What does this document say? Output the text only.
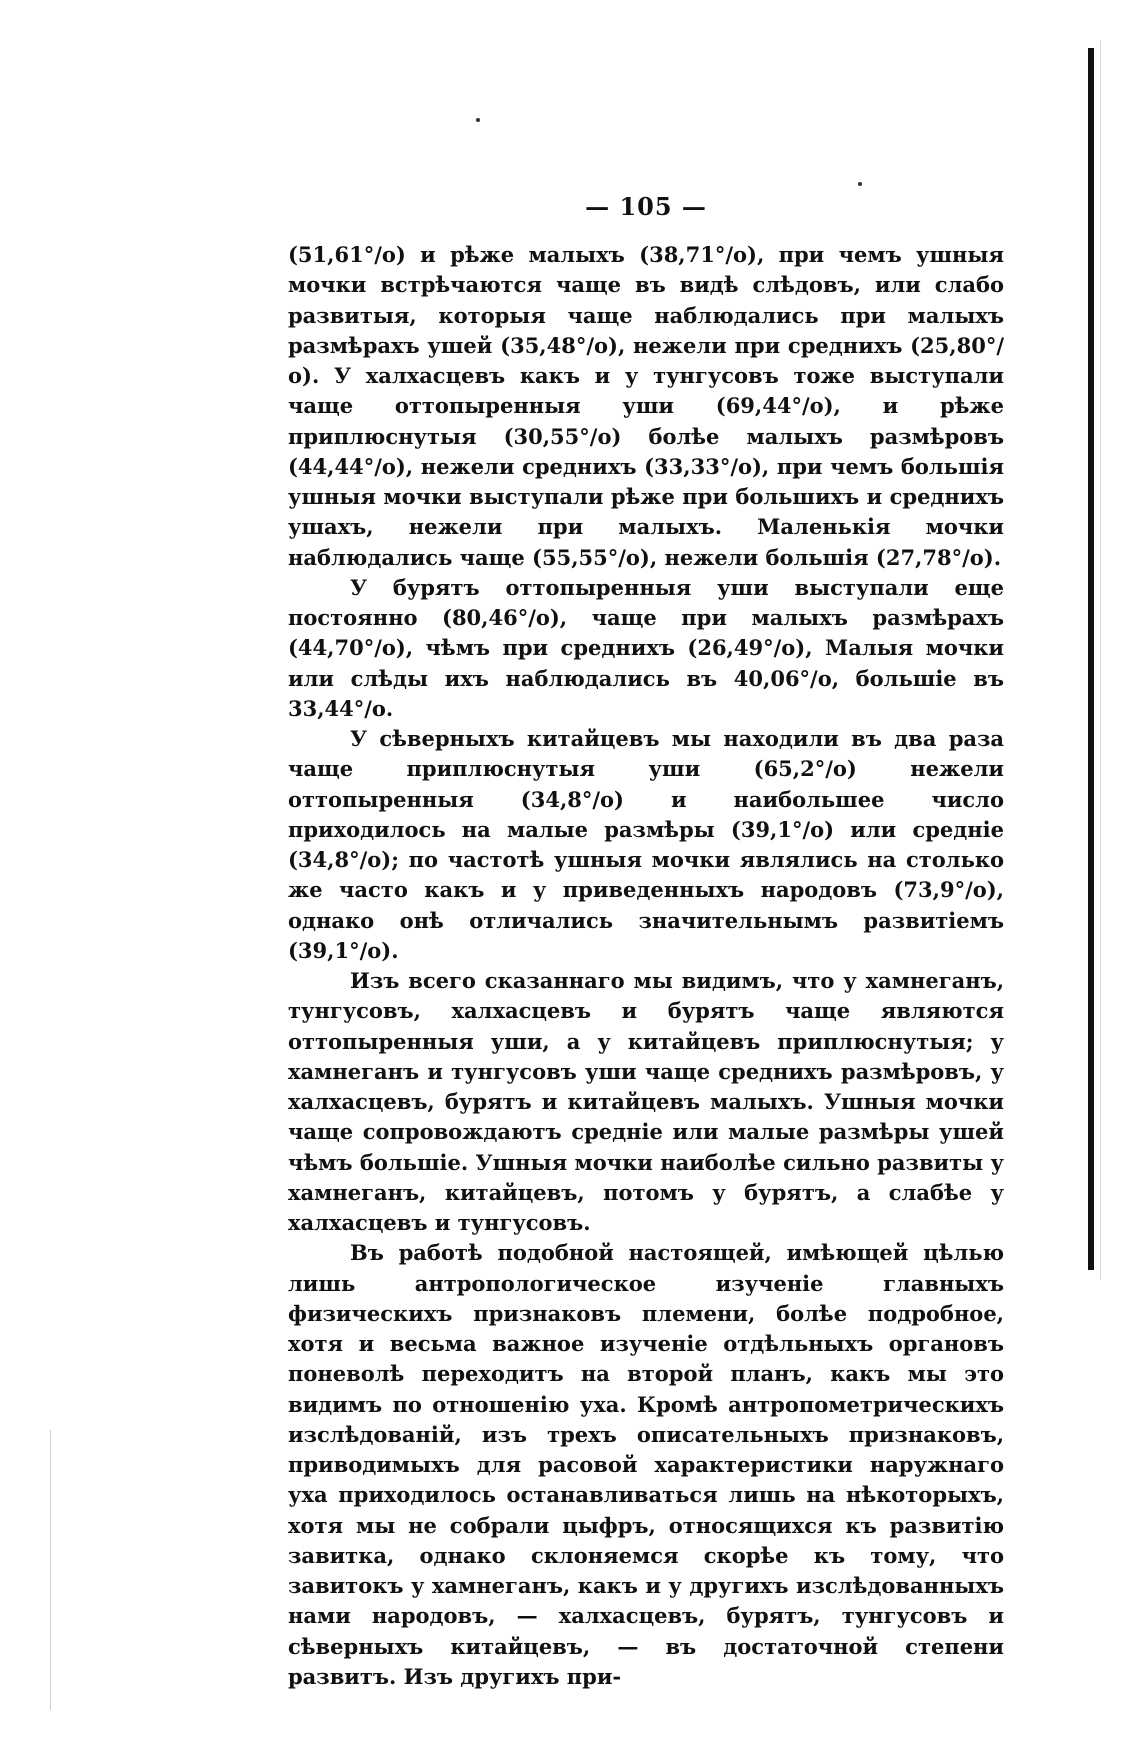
— 105 —

(51,61°/о) и рѣже малыхъ (38,71°/о), при чемъ ушныя мочки встрѣчаются чаще въ видѣ слѣдовъ, или слабо развитыя, которыя чаще наблюдались при малыхъ размѣрахъ ушей (35,48°/о), нежели при среднихъ (25,80°/о). У халхасцевъ какъ и у тунгусовъ тоже выступали чаще оттопыренныя уши (69,44°/о), и рѣже приплюснутыя (30,55°/о) болѣе малыхъ размѣровъ (44,44°/о), нежели среднихъ (33,33°/о), при чемъ большія ушныя мочки выступали рѣже при большихъ и среднихъ ушахъ, нежели при малыхъ. Маленькія мочки наблюдались чаще (55,55°/о), нежели большія (27,78°/о).

У бурятъ оттопыренныя уши выступали еще постоянно (80,46°/о), чаще при малыхъ размѣрахъ (44,70°/о), чѣмъ при среднихъ (26,49°/о), Малыя мочки или слѣды ихъ наблюдались въ 40,06°/о, большіе въ 33,44°/о.

У сѣверныхъ китайцевъ мы находили въ два раза чаще приплюснутыя уши (65,2°/о) нежели оттопыренныя (34,8°/о) и наибольшее число приходилось на малые размѣры (39,1°/о) или средніе (34,8°/о); по частотѣ ушныя мочки являлись на столько же часто какъ и у приведенныхъ народовъ (73,9°/о), однако онѣ отличались значительнымъ развитіемъ (39,1°/о).

Изъ всего сказаннаго мы видимъ, что у хамнеганъ, тунгусовъ, халхасцевъ и бурятъ чаще являются оттопыренныя уши, а у китайцевъ приплюснутыя; у хамнеганъ и тунгусовъ уши чаще среднихъ размѣровъ, у халхасцевъ, бурятъ и китайцевъ малыхъ. Ушныя мочки чаще сопровождаютъ средніе или малые размѣры ушей чѣмъ большіе. Ушныя мочки наиболѣе сильно развиты у хамнеганъ, китайцевъ, потомъ у бурятъ, а слабѣе у халхасцевъ и тунгусовъ.

Въ работѣ подобной настоящей, имѣющей цѣлью лишь антропологическое изученіе главныхъ физическихъ признаковъ племени, болѣе подробное, хотя и весьма важное изученіе отдѣльныхъ органовъ поневолѣ переходитъ на второй планъ, какъ мы это видимъ по отношенію уха. Кромѣ антропометрическихъ изслѣдованій, изъ трехъ описательныхъ признаковъ, приводимыхъ для расовой характеристики наружнаго уха приходилось останавливаться лишь на нѣкоторыхъ, хотя мы не собрали цыфръ, относящихся къ развитію завитка, однако склоняемся скорѣе къ тому, что завитокъ у хамнеганъ, какъ и у другихъ изслѣдованныхъ нами народовъ, — халхасцевъ, бурятъ, тунгусовъ и сѣверныхъ китайцевъ, — въ достаточной степени развитъ. Изъ другихъ при-
